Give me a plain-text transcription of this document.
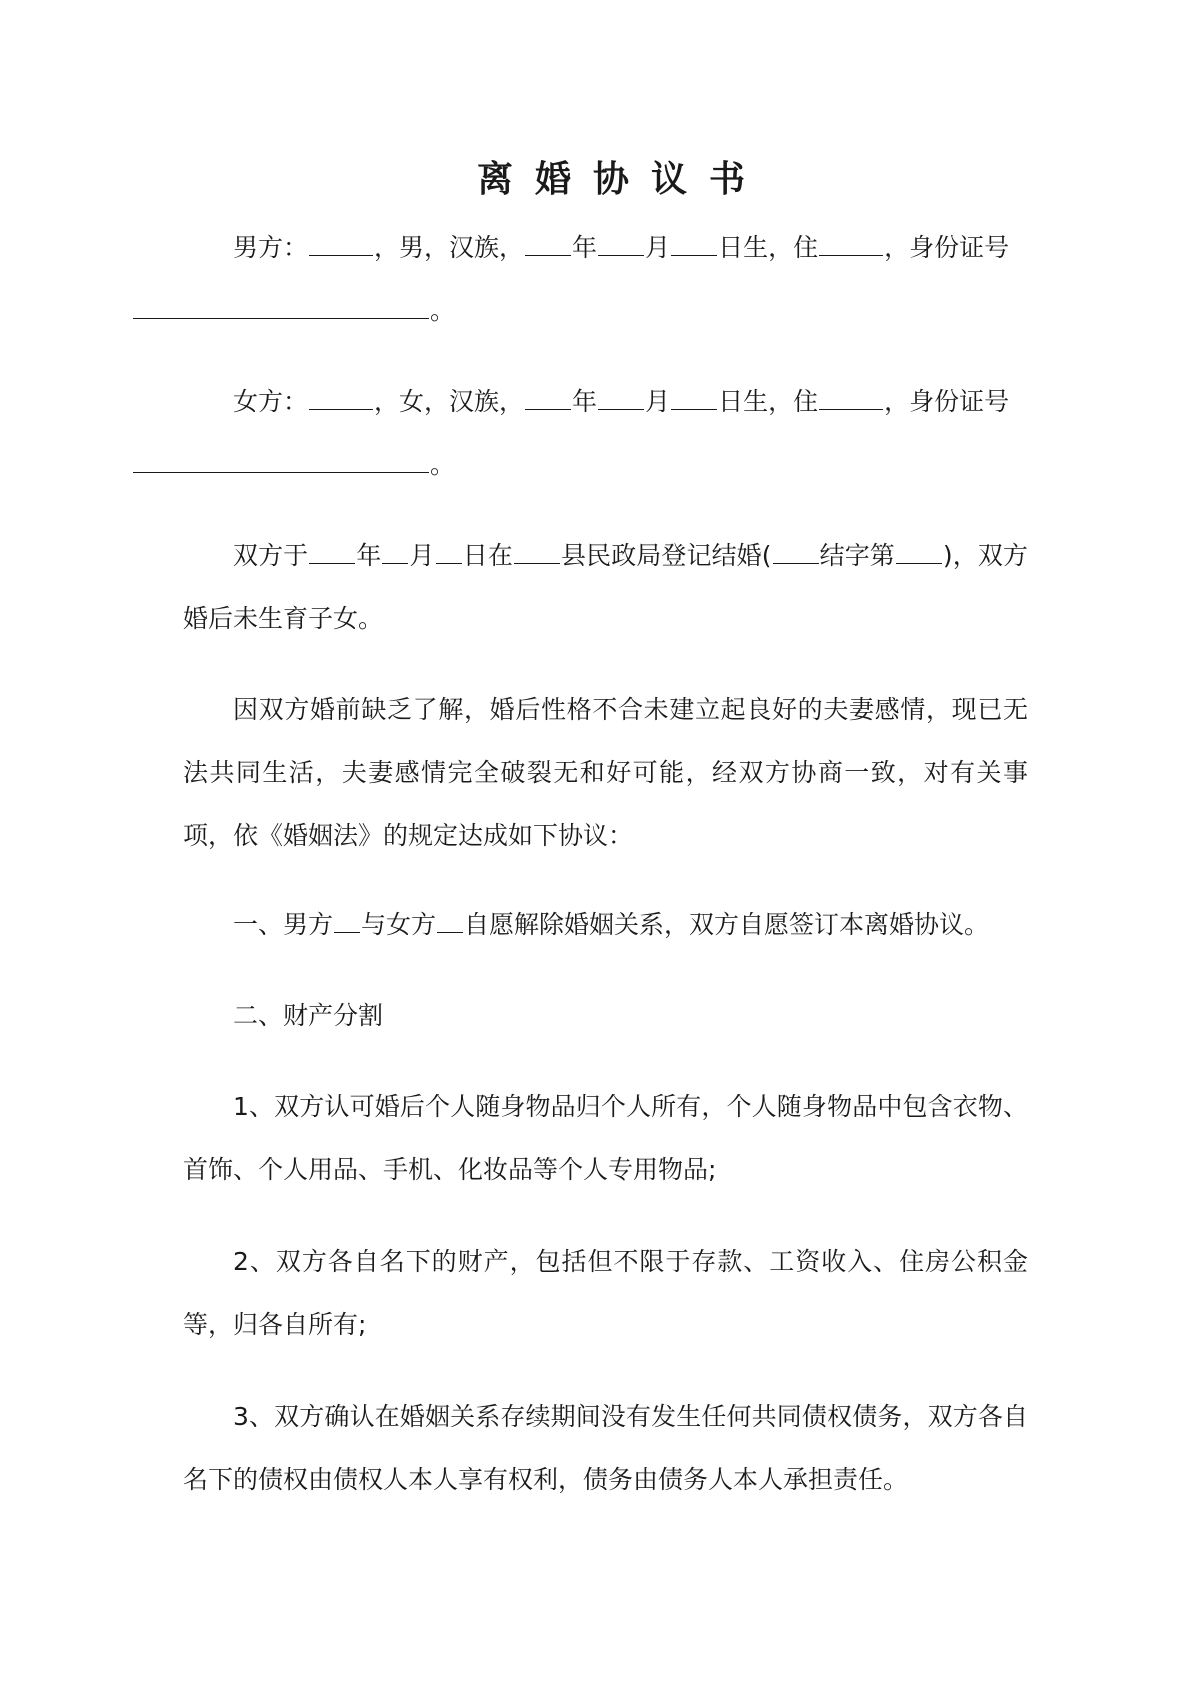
离婚协议书

男方：	，男，汉族， 年 月 日生，住	，身份证号
。

女方：	，女，汉族， 年 月 日生，住	，身份证号
。

双方于 年 月 日在 县民政局登记结婚( 结字第 )，双方婚后未生育子女。

因双方婚前缺乏了解，婚后性格不合未建立起良好的夫妻感情，现已无法共同生活，夫妻感情完全破裂无和好可能，经双方协商一致，对有关事项，依《婚姻法》的规定达成如下协议：

一、男方 与女方 自愿解除婚姻关系，双方自愿签订本离婚协议。

二、财产分割

1、双方认可婚后个人随身物品归个人所有，个人随身物品中包含衣物、首饰、个人用品、手机、化妆品等个人专用物品;

2、双方各自名下的财产，包括但不限于存款、工资收入、住房公积金等，归各自所有;

3、双方确认在婚姻关系存续期间没有发生任何共同债权债务，双方各自名下的债权由债权人本人享有权利，债务由债务人本人承担责任。
